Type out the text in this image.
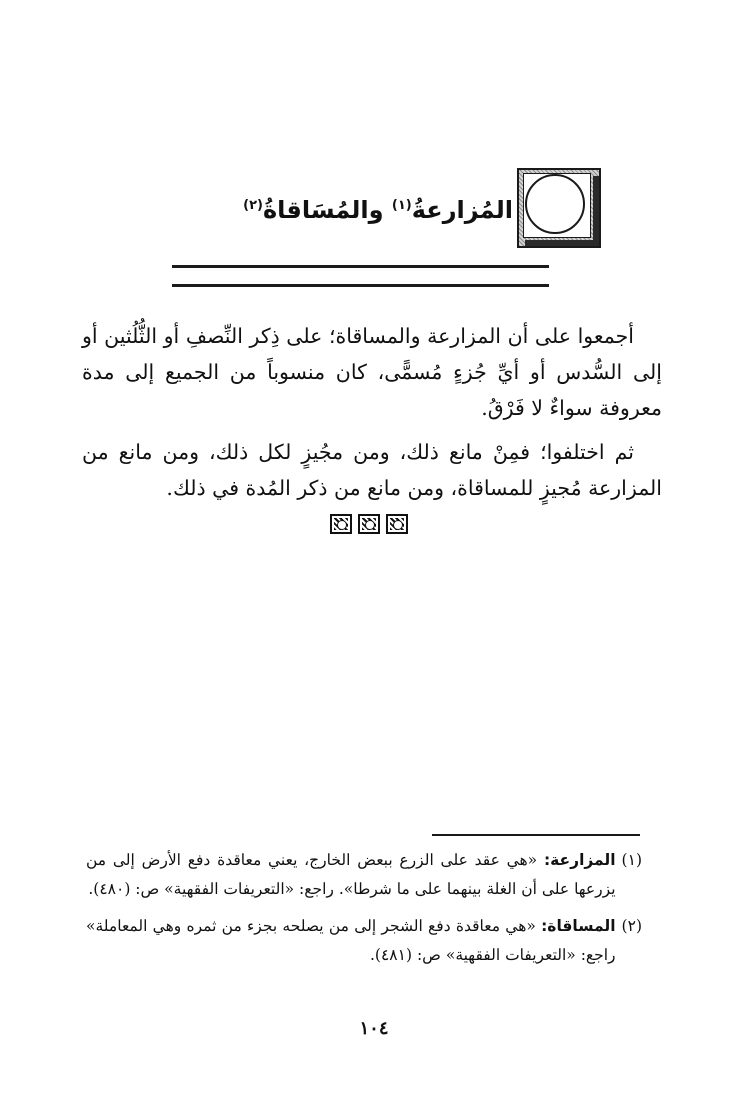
المُزارعةُ$^{(١)}$ والمُسَاقاةُ$^{(٢)}$

أجمعوا على أن المزارعة والمساقاة؛ على ذِكر النِّصفِ أو الثُّلُثين أو إلى السُّدس أو أيِّ جُزءٍ مُسمًّى، كان منسوباً من الجميع إلى مدة معروفة سواءٌ لا فَرْقُ.

ثم اختلفوا؛ فمِنْ مانع ذلك، ومن مجُيزٍ لكل ذلك، ومن مانع من المزارعة مُجيزٍ للمساقاة، ومن مانع من ذكر المُدة في ذلك.

(١)
المزارعة: «هي عقد على الزرع ببعض الخارج، يعني معاقدة دفع الأرض إلى من يزرعها على أن الغلة بينهما على ما شرطا». راجع: «التعريفات الفقهية» ص: (٤٨٠).
(٢)
المساقاة: «هي معاقدة دفع الشجر إلى من يصلحه بجزء من ثمره وهي المعاملة» راجع: «التعريفات الفقهية» ص: (٤٨١).
١٠٤
